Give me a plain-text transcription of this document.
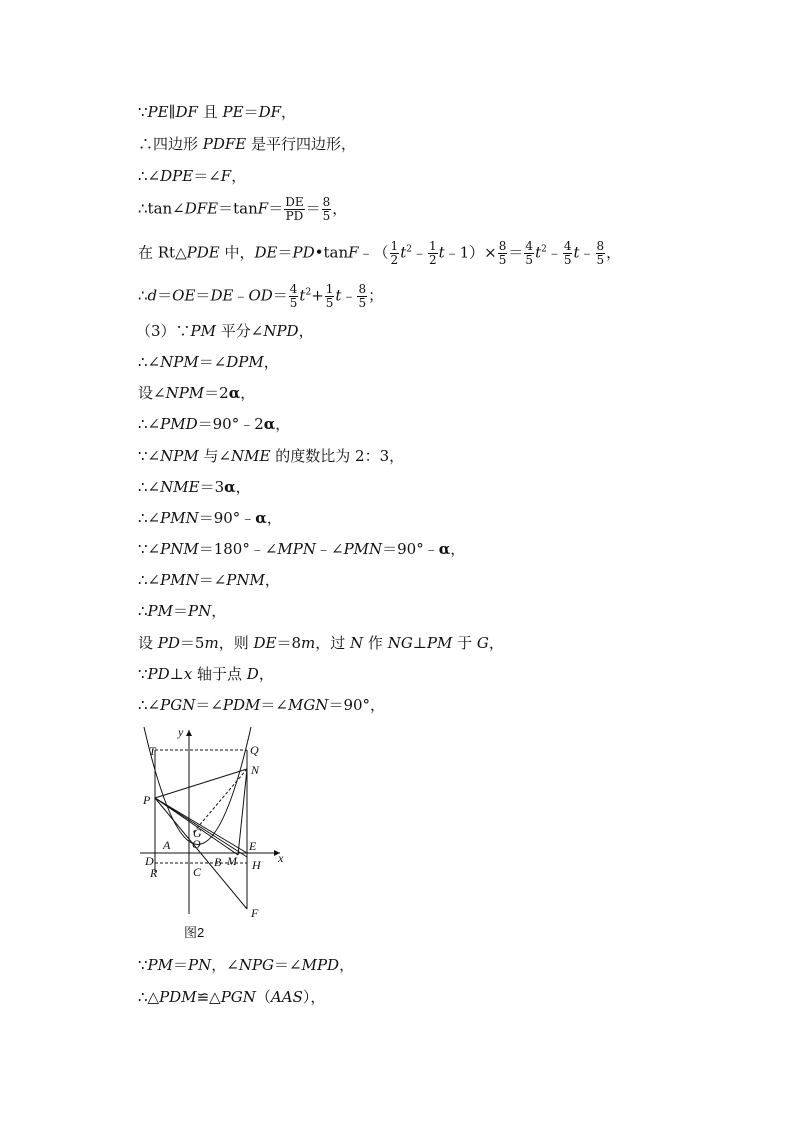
∵PE∥DF 且 PE＝DF，
∴四边形 PDFE 是平行四边形，
∴∠DPE＝∠F，
∴tan∠DFE＝tanF＝ $\frac{DE}{PD} = \frac{8}{5}$ ，
在 Rt△PDE 中，DE＝PD•tanF﹣（ $\frac{1}{2}$ $t^2﹣ \frac{1}{2}$ t﹣1）× $\frac{8}{5} = \frac{4}{5}$ $t^2﹣ \frac{4}{5}$ t﹣ $\frac{8}{5}$ ，
∴d＝OE＝DE﹣OD＝ $\frac{4}{5} t^2+ \frac{1}{5}$ t﹣ $\frac{8}{5}$ ；
（3）∵PM 平分∠NPD，
∴∠NPM＝∠DPM，
设∠NPM＝2α，
∴∠PMD＝90°﹣2α，
∵∠NPM 与∠NME 的度数比为 2：3，
∴∠NME＝3α，
∴∠PMN＝90°﹣α，
∵∠PNM＝180°﹣∠MPN﹣∠PMN＝90°﹣α，
∴∠PMN＝∠PNM，
∴PM＝PN，
设 PD＝5m，则 DE＝8m，过 N 作 NG⊥PM 于 G，
∵PD⊥x 轴于点 D，
∴∠PGN＝∠PDM＝∠MGN＝90°，
y
x
T	Q
N
P
G
O
A	E
D	B M H
R	C
F
图2
∵PM＝PN，∠NPG＝∠MPD，
∴△PDM≌△PGN（AAS），
